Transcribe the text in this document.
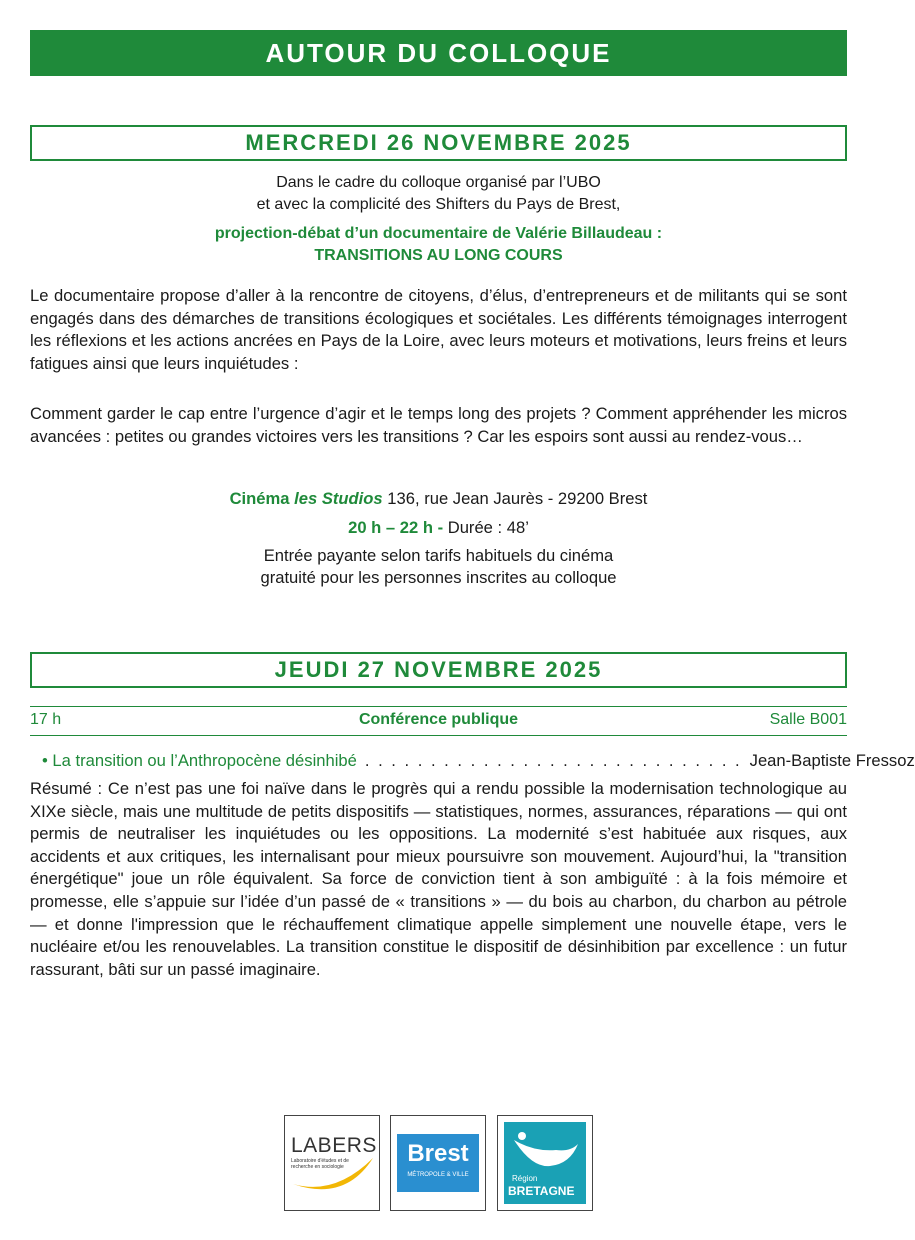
AUTOUR DU COLLOQUE
MERCREDI 26 NOVEMBRE 2025
Dans le cadre du colloque organisé par l’UBO
et avec la complicité des Shifters du Pays de Brest,
projection-débat d’un documentaire de Valérie Billaudeau :
TRANSITIONS AU LONG COURS
Le documentaire propose d’aller à la rencontre de citoyens, d’élus, d’entrepreneurs et de militants qui se sont engagés dans des démarches de transitions écologiques et sociétales. Les différents témoignages interrogent les réflexions et les actions ancrées en Pays de la Loire, avec leurs moteurs et motivations, leurs freins et leurs fatigues ainsi que leurs inquiétudes :
Comment garder le cap entre l’urgence d’agir et le temps long des projets ? Comment appréhender les micros avancées : petites ou grandes victoires vers les transitions ? Car les espoirs sont aussi au rendez-vous…
Cinéma les Studios 136, rue Jean Jaurès - 29200 Brest
20 h – 22 h - Durée : 48’
Entrée payante selon tarifs habituels du cinéma
gratuité pour les personnes inscrites au colloque
JEUDI 27 NOVEMBRE 2025
17 h	Conférence publique	Salle B001
• La transition ou l’Anthropocène désinhibé . . . . . . . . . . . . . . . . . . . . . . . . . . . . . Jean-Baptiste Fressoz
Résumé : Ce n’est pas une foi naïve dans le progrès qui a rendu possible la modernisation technologique au XIXe siècle, mais une multitude de petits dispositifs — statistiques, normes, assurances, réparations — qui ont permis de neutraliser les inquiétudes ou les oppositions. La modernité s’est habituée aux risques, aux accidents et aux critiques, les internalisant pour mieux poursuivre son mouvement. Aujourd’hui, la "transition énergétique" joue un rôle équivalent. Sa force de conviction tient à son ambiguïté : à la fois mémoire et promesse, elle s’appuie sur l’idée d’un passé de « transitions » — du bois au charbon, du charbon au pétrole — et donne l'impression que le réchauffement climatique appelle simplement une nouvelle étape, vers le nucléaire et/ou les renouvelables. La transition constitue le dispositif de désinhibition par excellence : un futur rassurant, bâti sur un passé imaginaire.
LABERS
Laboratoire d'études et de recherche en sociologie	Brest
MÉTROPOLE & VILLE	Région
BRETAGNE
